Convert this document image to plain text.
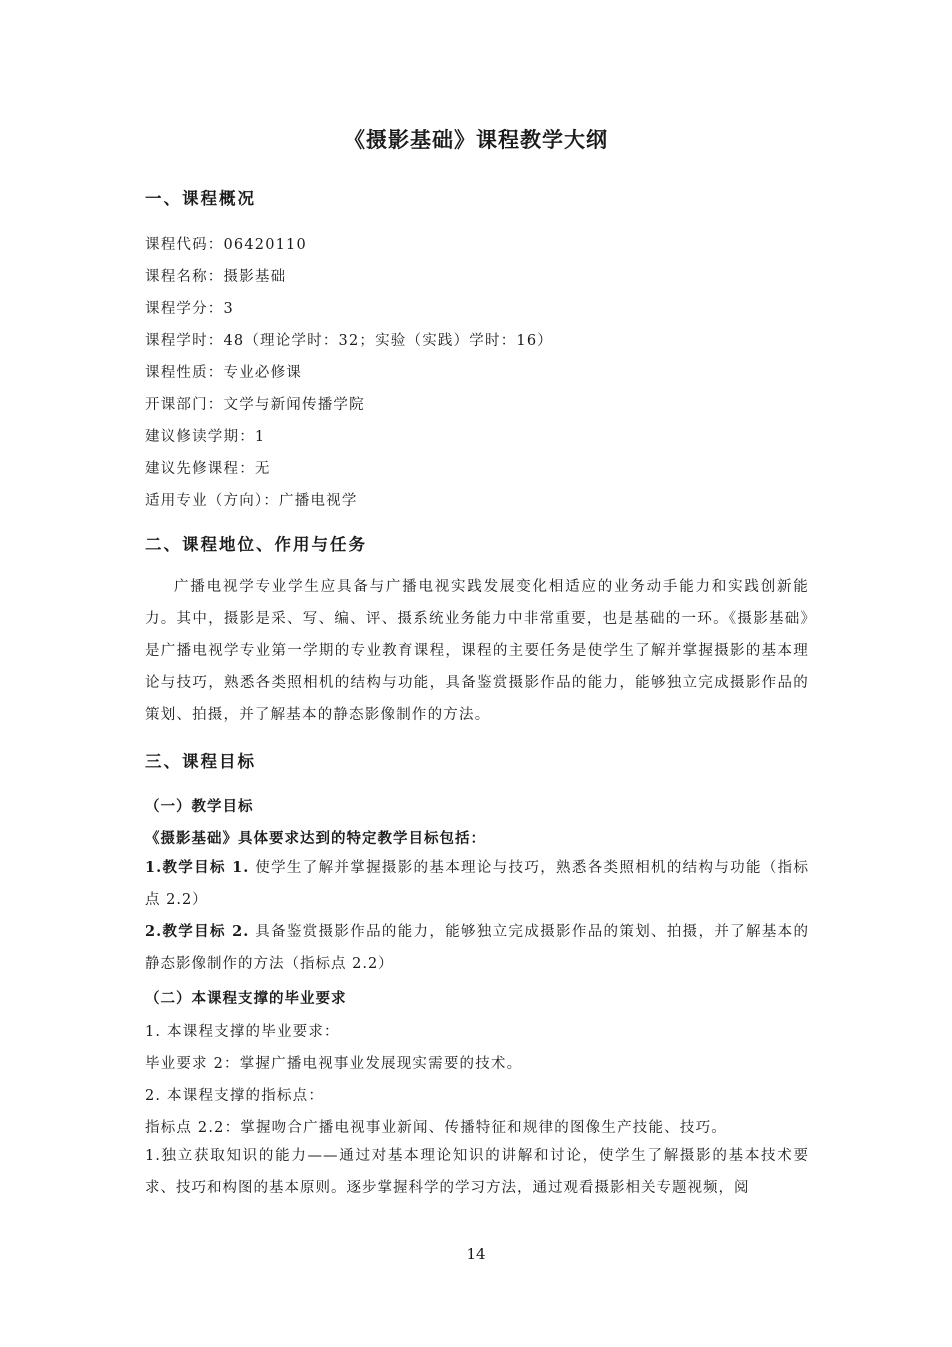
《摄影基础》课程教学大纲
一、课程概况
课程代码：06420110
课程名称：摄影基础
课程学分：3
课程学时：48（理论学时：32；实验（实践）学时：16）
课程性质：专业必修课
开课部门：文学与新闻传播学院
建议修读学期：1
建议先修课程：无
适用专业（方向）：广播电视学
二、课程地位、作用与任务
广播电视学专业学生应具备与广播电视实践发展变化相适应的业务动手能力和实践创新能力。其中，摄影是采、写、编、评、摄系统业务能力中非常重要，也是基础的一环。《摄影基础》是广播电视学专业第一学期的专业教育课程，课程的主要任务是使学生了解并掌握摄影的基本理论与技巧，熟悉各类照相机的结构与功能，具备鉴赏摄影作品的能力，能够独立完成摄影作品的策划、拍摄，并了解基本的静态影像制作的方法。
三、课程目标
（一）教学目标
《摄影基础》具体要求达到的特定教学目标包括：
1.教学目标 1. 使学生了解并掌握摄影的基本理论与技巧，熟悉各类照相机的结构与功能（指标点 2.2）
2.教学目标 2. 具备鉴赏摄影作品的能力，能够独立完成摄影作品的策划、拍摄，并了解基本的静态影像制作的方法（指标点 2.2）
（二）本课程支撑的毕业要求
1. 本课程支撑的毕业要求：
毕业要求 2：掌握广播电视事业发展现实需要的技术。
2. 本课程支撑的指标点：
指标点 2.2：掌握吻合广播电视事业新闻、传播特征和规律的图像生产技能、技巧。
1.独立获取知识的能力——通过对基本理论知识的讲解和讨论，使学生了解摄影的基本技术要求、技巧和构图的基本原则。逐步掌握科学的学习方法，通过观看摄影相关专题视频，阅
14
